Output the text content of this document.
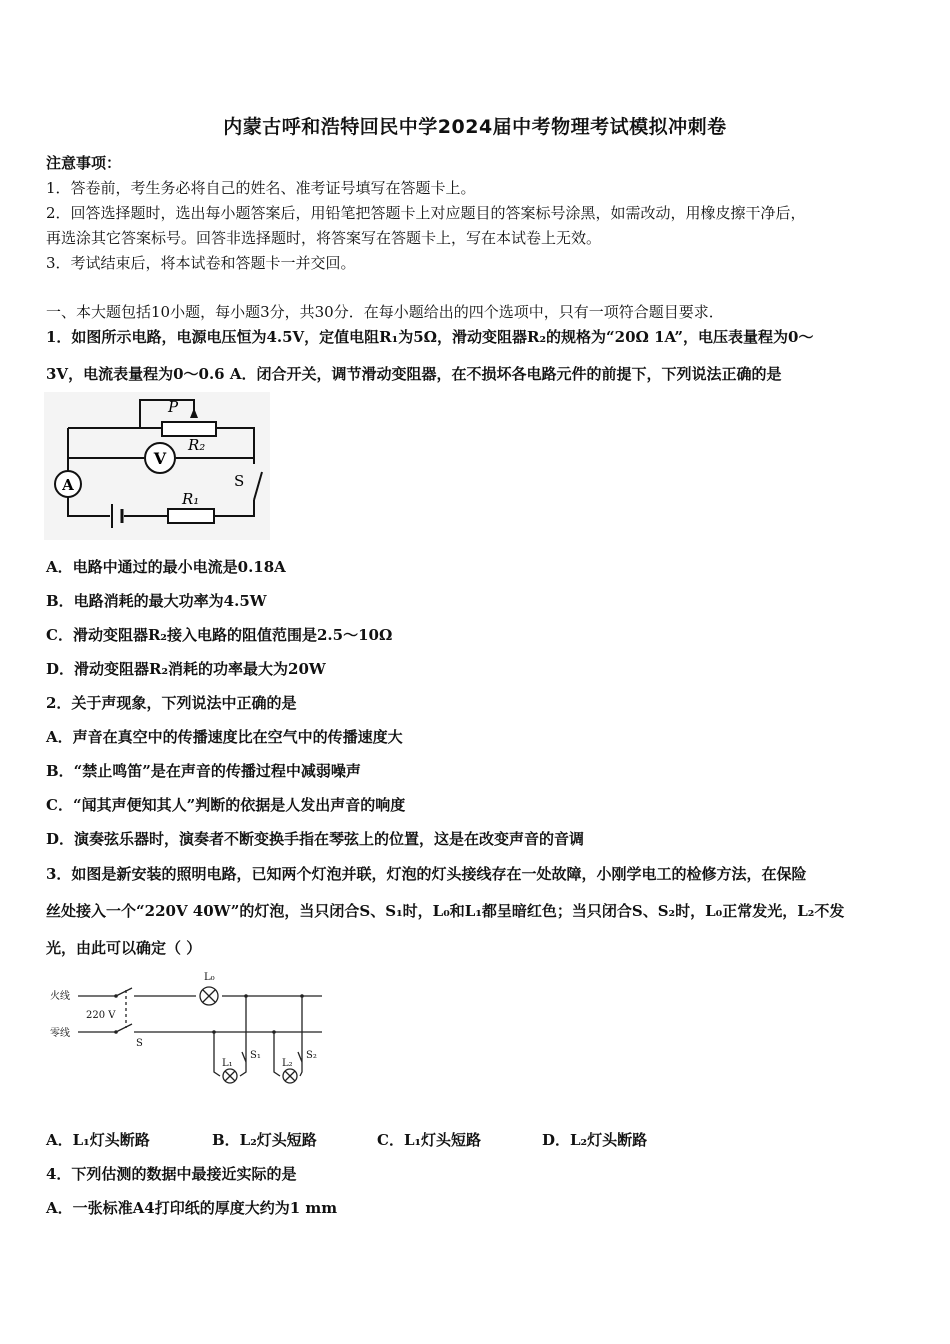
内蒙古呼和浩特回民中学2024届中考物理考试模拟冲刺卷
注意事项：
1．答卷前，考生务必将自己的姓名、准考证号填写在答题卡上。
2．回答选择题时，选出每小题答案后，用铅笔把答题卡上对应题目的答案标号涂黑，如需改动，用橡皮擦干净后，
再选涂其它答案标号。回答非选择题时，将答案写在答题卡上，写在本试卷上无效。
3．考试结束后，将本试卷和答题卡一并交回。
一、本大题包括10小题，每小题3分，共30分．在每小题给出的四个选项中，只有一项符合题目要求．
1．如图所示电路，电源电压恒为4.5V，定值电阻R₁为5Ω，滑动变阻器R₂的规格为“20Ω 1A”，电压表量程为0～
3V，电流表量程为0～0.6 A．闭合开关，调节滑动变阻器，在不损坏各电路元件的前提下，下列说法正确的是
V
A
P
R₂
S
R₁
A．电路中通过的最小电流是0.18A
B．电路消耗的最大功率为4.5W
C．滑动变阻器R₂接入电路的阻值范围是2.5～10Ω
D．滑动变阻器R₂消耗的功率最大为20W
2．关于声现象，下列说法中正确的是
A．声音在真空中的传播速度比在空气中的传播速度大
B．“禁止鸣笛”是在声音的传播过程中减弱噪声
C．“闻其声便知其人”判断的依据是人发出声音的响度
D．演奏弦乐器时，演奏者不断变换手指在琴弦上的位置，这是在改变声音的音调
3．如图是新安装的照明电路，已知两个灯泡并联，灯泡的灯头接线存在一处故障，小刚学电工的检修方法，在保险
丝处接入一个“220V 40W”的灯泡，当只闭合S、S₁时，L₀和L₁都呈暗红色；当只闭合S、S₂时，L₀正常发光，L₂不发
光，由此可以确定（ ）
火线
零线
220 V
S
L₀
L₁	L₂
S₁	S₂
A．L₁灯头断路	B．L₂灯头短路	C．L₁灯头短路	D．L₂灯头断路
4．下列估测的数据中最接近实际的是
A．一张标准A4打印纸的厚度大约为1 mm
